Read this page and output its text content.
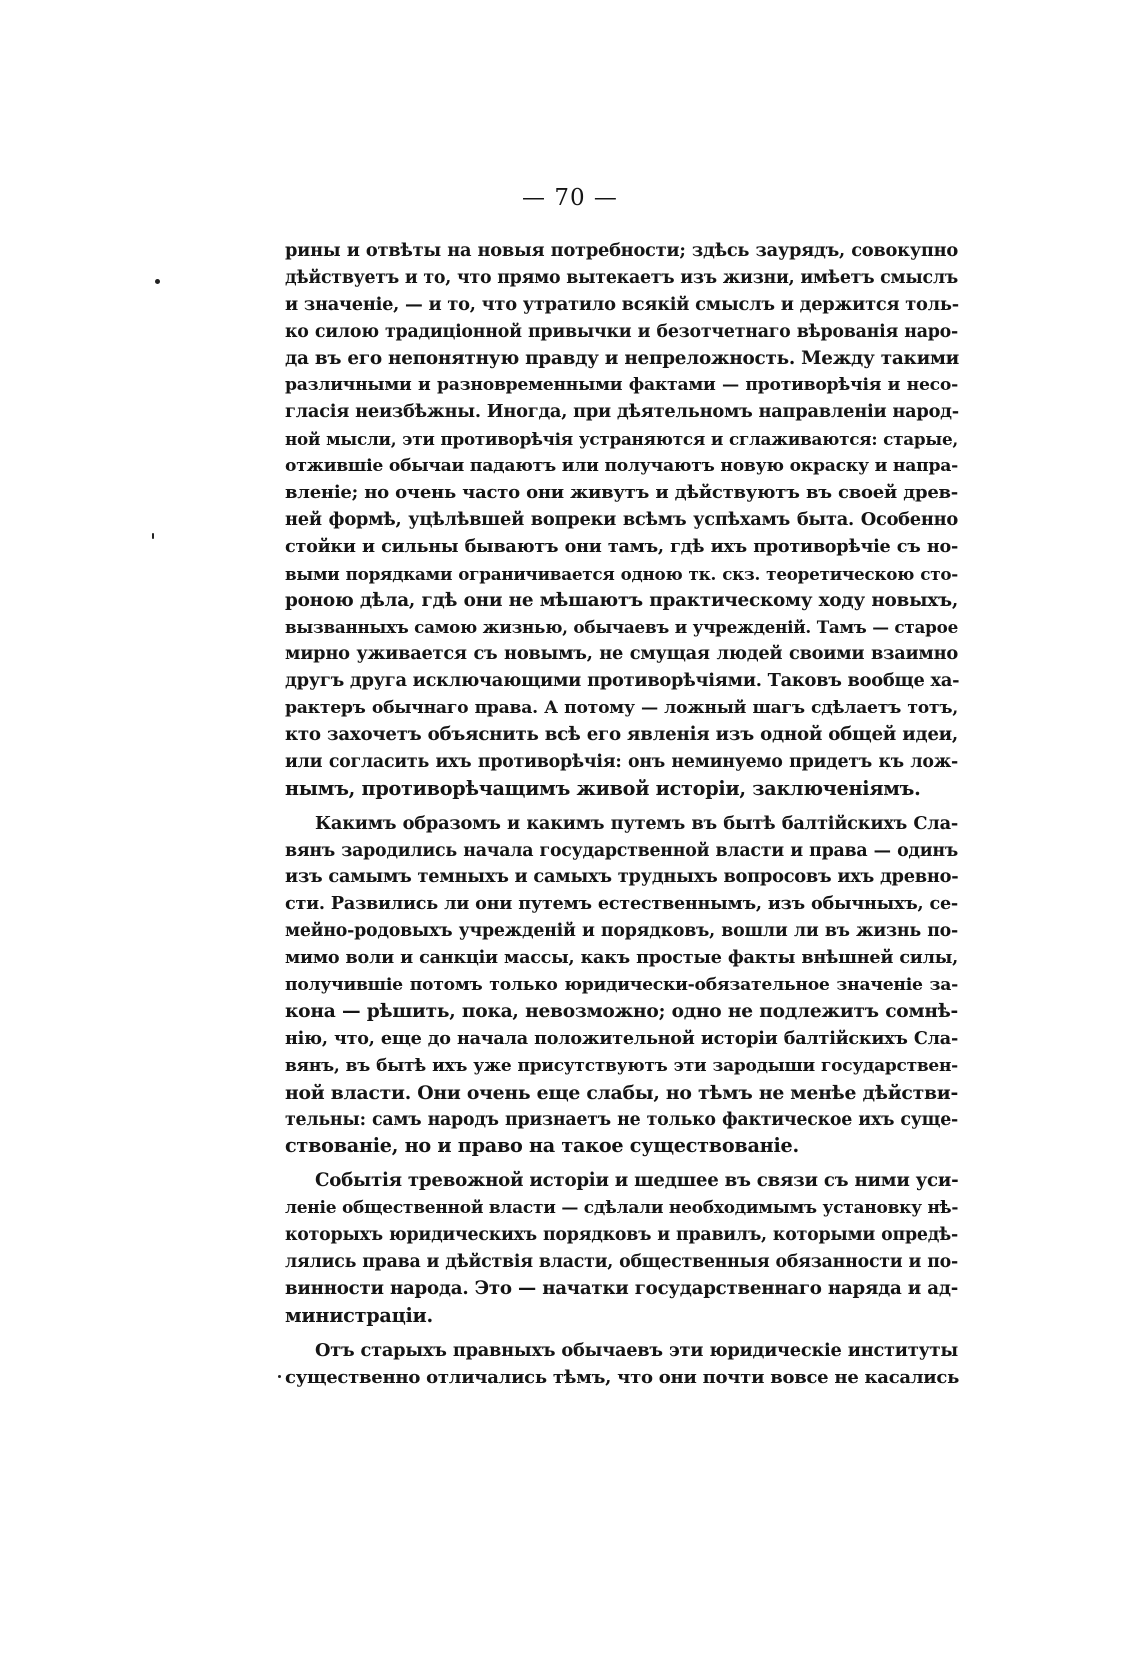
— 70 —
рины и отвѣты на новыя потребности; здѣсь заурядъ, совокупно
дѣйствуетъ и то, что прямо вытекаетъ изъ жизни, имѣетъ смыслъ
и значеніе, — и то, что утратило всякій смыслъ и держится толь-
ко силою традиціонной привычки и безотчетнаго вѣрованія наро-
да въ его непонятную правду и непреложность. Между такими
различными и разновременными фактами — противорѣчія и несо-
гласія неизбѣжны. Иногда, при дѣятельномъ направленіи народ-
ной мысли, эти противорѣчія устраняются и сглаживаются: старые,
отжившіе обычаи падаютъ или получаютъ новую окраску и напра-
вленіе; но очень часто они живутъ и дѣйствуютъ въ своей древ-
ней формѣ, уцѣлѣвшей вопреки всѣмъ успѣхамъ быта. Особенно
стойки и сильны бываютъ они тамъ, гдѣ ихъ противорѣчіе съ но-
выми порядками ограничивается одною тк. скз. теоретическою сто-
роною дѣла, гдѣ они не мѣшаютъ практическому ходу новыхъ,
вызванныхъ самою жизнью, обычаевъ и учрежденій. Тамъ — старое
мирно уживается съ новымъ, не смущая людей своими взаимно
другъ друга исключающими противорѣчіями. Таковъ вообще ха-
рактеръ обычнаго права. А потому — ложный шагъ сдѣлаетъ тотъ,
кто захочетъ объяснить всѣ его явленія изъ одной общей идеи,
или согласить ихъ противорѣчія: онъ неминуемо придетъ къ лож-
нымъ, противорѣчащимъ живой исторіи, заключеніямъ.
Какимъ образомъ и какимъ путемъ въ бытѣ балтійскихъ Сла-
вянъ зародились начала государственной власти и права — одинъ
изъ самымъ темныхъ и самыхъ трудныхъ вопросовъ ихъ древно-
сти. Развились ли они путемъ естественнымъ, изъ обычныхъ, се-
мейно-родовыхъ учрежденій и порядковъ, вошли ли въ жизнь по-
мимо воли и санкціи массы, какъ простые факты внѣшней силы,
получившіе потомъ только юридически-обязательное значеніе за-
кона — рѣшить, пока, невозможно; одно не подлежитъ сомнѣ-
нію, что, еще до начала положительной исторіи балтійскихъ Сла-
вянъ, въ бытѣ ихъ уже присутствуютъ эти зародыши государствен-
ной власти. Они очень еще слабы, но тѣмъ не менѣе дѣйстви-
тельны: самъ народъ признаетъ не только фактическое ихъ суще-
ствованіе, но и право на такое существованіе.
Событія тревожной исторіи и шедшее въ связи съ ними уси-
леніе общественной власти — сдѣлали необходимымъ установку нѣ-
которыхъ юридическихъ порядковъ и правилъ, которыми опредѣ-
лялись права и дѣйствія власти, общественныя обязанности и по-
винности народа. Это — начатки государственнаго наряда и ад-
министраціи.
Отъ старыхъ правныхъ обычаевъ эти юридическіе институты
существенно отличались тѣмъ, что они почти вовсе не касались
